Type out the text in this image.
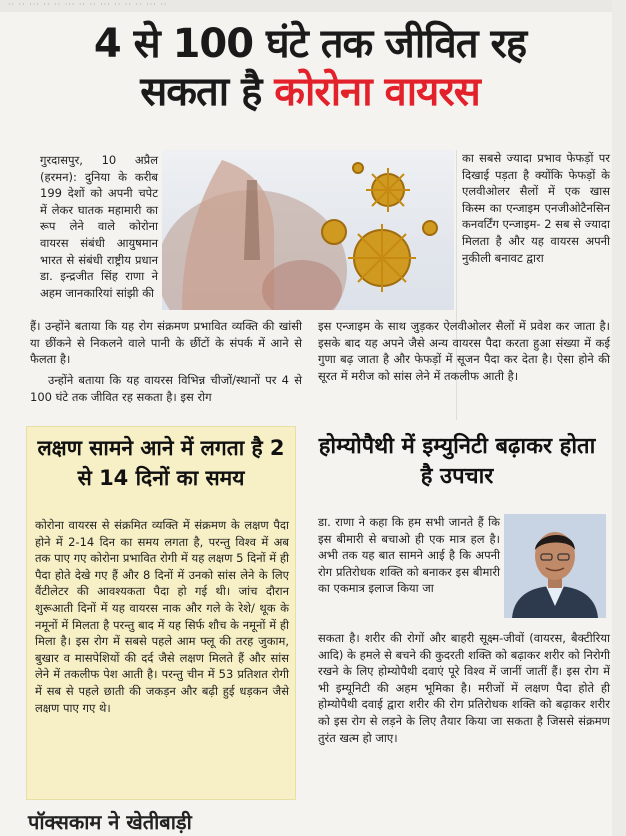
·· ·· ··· ·· ·· ··· ·· ·· ··· ·· ·· ·· ··· ··
4 से 100 घंटे तक जीवित रह
सकता है कोरोना वायरस
गुरदासपुर, 10 अप्रैल (हरमन): दुनिया के करीब 199 देशों को अपनी चपेट में लेकर घातक महामारी का रूप लेने वाले कोरोना वायरस संबंधी आयुषमान भारत से संबंधी राष्ट्रीय प्रधान डा. इन्द्रजीत सिंह राणा ने अहम जानकारियां सांझी की
हैं। उन्होंने बताया कि यह रोग संक्रमण प्रभावित व्यक्ति की खांसी या छींकने से निकलने वाले पानी के छींटों के संपर्क में आने से फैलता है।
उन्होंने बताया कि यह वायरस विभिन्न चीजों/स्थानों पर 4 से 100 घंटे तक जीवित रह सकता है। इस रोग
का सबसे ज्यादा प्रभाव फेफड़ों पर दिखाई पड़ता है क्योंकि फेफड़ों के एलवीओलर सैलों में एक खास किस्म का एन्जाइम एनजीओटैनसिन कनवर्टिंग एन्जाइम- 2 सब से ज्यादा मिलता है और यह वायरस अपनी नुकीली बनावट द्वारा
इस एन्जाइम के साथ जुड़कर ऐलवीओलर सैलों में प्रवेश कर जाता है। इसके बाद यह अपने जैसे अन्य वायरस पैदा करता हुआ संख्या में कई गुणा बढ़ जाता है और फेफड़ों में सूजन पैदा कर देता है। ऐसा होने की सूरत में मरीज को सांस लेने में तकलीफ आती है।
लक्षण सामने आने में लगता है 2 से 14 दिनों का समय
कोरोना वायरस से संक्रमित व्यक्ति में संक्रमण के लक्षण पैदा होने में 2-14 दिन का समय लगता है, परन्तु विश्व में अब तक पाए गए कोरोना प्रभावित रोगी में यह लक्षण 5 दिनों में ही पैदा होते देखे गए हैं और 8 दिनों में उनको सांस लेने के लिए वैंटीलेटर की आवश्यकता पैदा हो गई थी। जांच दौरान शुरूआती दिनों में यह वायरस नाक और गले के रेशे/ थूक के नमूनों में मिलता है परन्तु बाद में यह सिर्फ शौच के नमूनों में ही मिला है। इस रोग में सबसे पहले आम फ्लू की तरह जुकाम, बुखार व मासपेशियों की दर्द जैसे लक्षण मिलते हैं और सांस लेने में तकलीफ पेश आती है। परन्तु चीन में 53 प्रतिशत रोगी में सब से पहले छाती की जकड़न और बढ़ी हुई धड़कन जैसे लक्षण पाए गए थे।
होम्योपैथी में इम्युनिटी बढ़ाकर होता है उपचार
डा. राणा ने कहा कि हम सभी जानते हैं कि इस बीमारी से बचाओ ही एक मात्र हल है। अभी तक यह बात सामने आई है कि अपनी रोग प्रतिरोधक शक्ति को बनाकर इस बीमारी का एकमात्र इलाज किया जा
सकता है। शरीर की रोगों और बाहरी सूक्ष्म-जीवों (वायरस, बैक्टीरिया आदि) के हमले से बचने की कुदरती शक्ति को बढ़ाकर शरीर को निरोगी रखने के लिए होम्योपैथी दवाएं पूरे विश्व में जानीं जातीं हैं। इस रोग में भी इम्यूनिटी की अहम भूमिका है। मरीजों में लक्षण पैदा होते ही होम्योपैथी दवाई द्वारा शरीर की रोग प्रतिरोधक शक्ति को बढ़ाकर शरीर को इस रोग से लड़ने के लिए तैयार किया जा सकता है जिससे संक्रमण तुरंत खत्म हो जाए।
पॉक्सकाम ने खेतीबाड़ी
